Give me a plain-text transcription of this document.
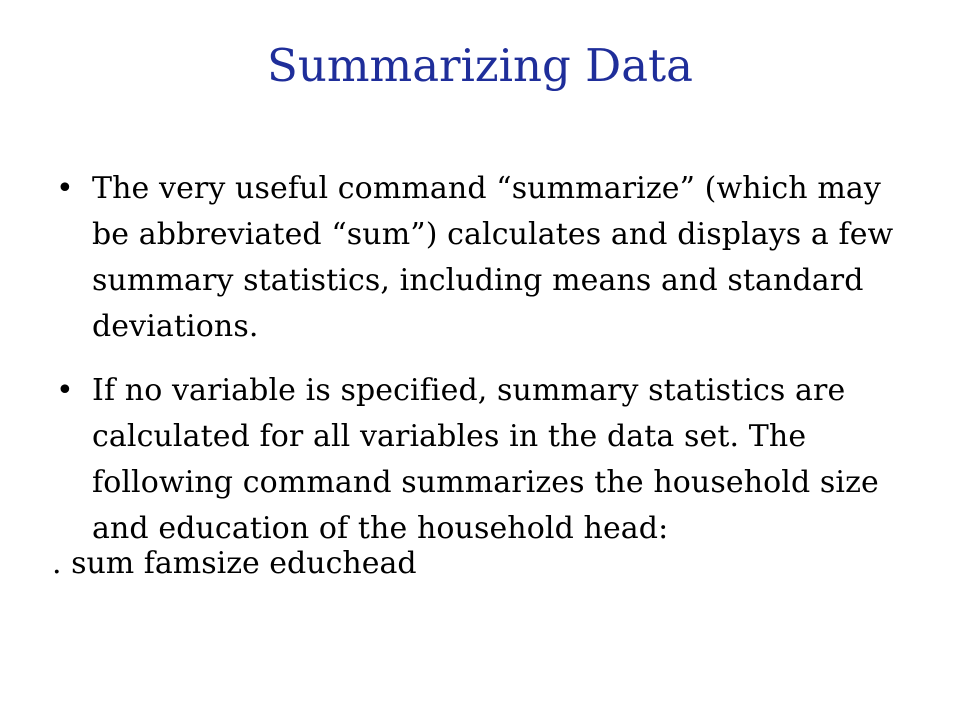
Summarizing Data
• The very useful command “summarize” (which may be abbreviated “sum”) calculates and displays a few summary statistics, including means and standard deviations.
• If no variable is specified, summary statistics are calculated for all variables in the data set. The following command summarizes the household size and education of the household head:
. sum famsize educhead
